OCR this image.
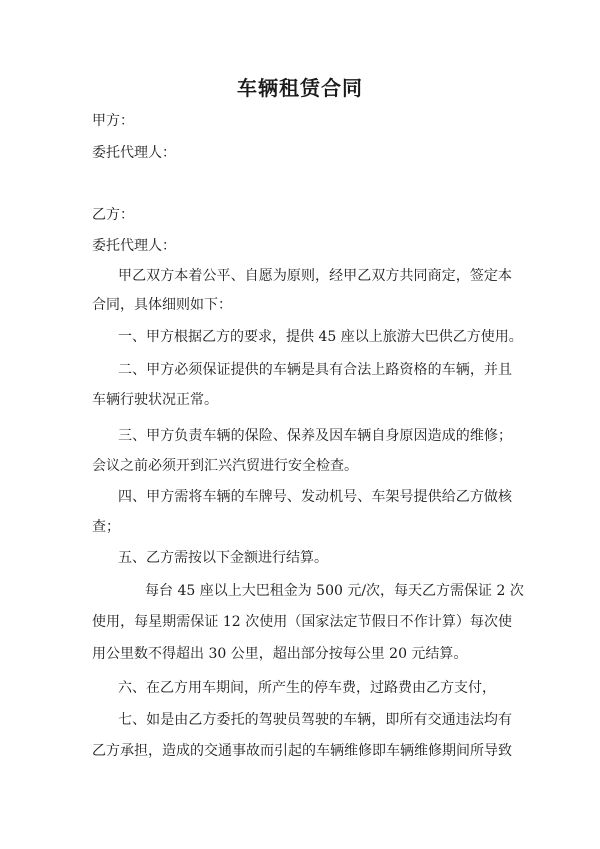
车辆租赁合同
甲方：
委托代理人：
乙方：
委托代理人：
甲乙双方本着公平、自愿为原则，经甲乙双方共同商定，签定本
合同，具体细则如下：
一、甲方根据乙方的要求，提供 45 座以上旅游大巴供乙方使用。
二、甲方必须保证提供的车辆是具有合法上路资格的车辆，并且
车辆行驶状况正常。
三、甲方负责车辆的保险、保养及因车辆自身原因造成的维修；
会议之前必须开到汇兴汽贸进行安全检查。
四、甲方需将车辆的车牌号、发动机号、车架号提供给乙方做核
查；
五、乙方需按以下金额进行结算。
每台 45 座以上大巴租金为 500 元/次，每天乙方需保证 2 次
使用，每星期需保证 12 次使用（国家法定节假日不作计算）每次使
用公里数不得超出 30 公里，超出部分按每公里 20 元结算。
六、在乙方用车期间，所产生的停车费，过路费由乙方支付，
七、如是由乙方委托的驾驶员驾驶的车辆，即所有交通违法均有
乙方承担，造成的交通事故而引起的车辆维修即车辆维修期间所导致
